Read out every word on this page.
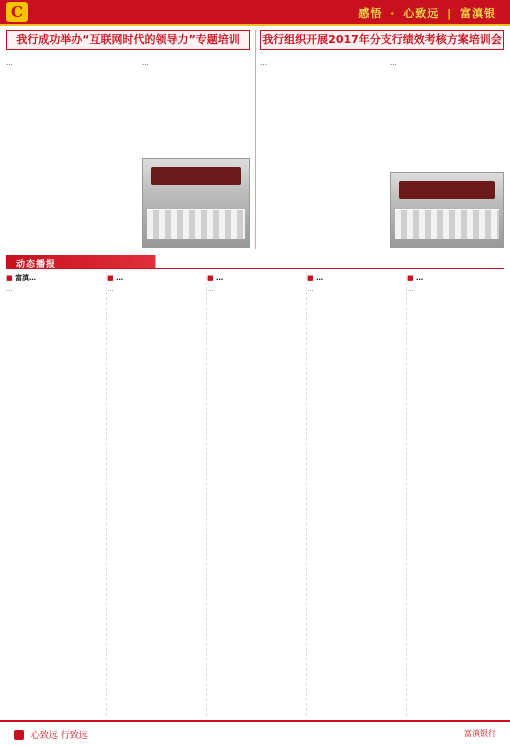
C	感悟 · 心致远 | 富滇银
我行成功举办“互联网时代的领导力”专题培训
…	…
我行组织开展2017年分支行绩效考核方案培训会
…	…
动态播报
■ 富滇…
…
■ …
…
■ …
…
■ …
…
■ …
…
心致远 行致远	富滇银行
